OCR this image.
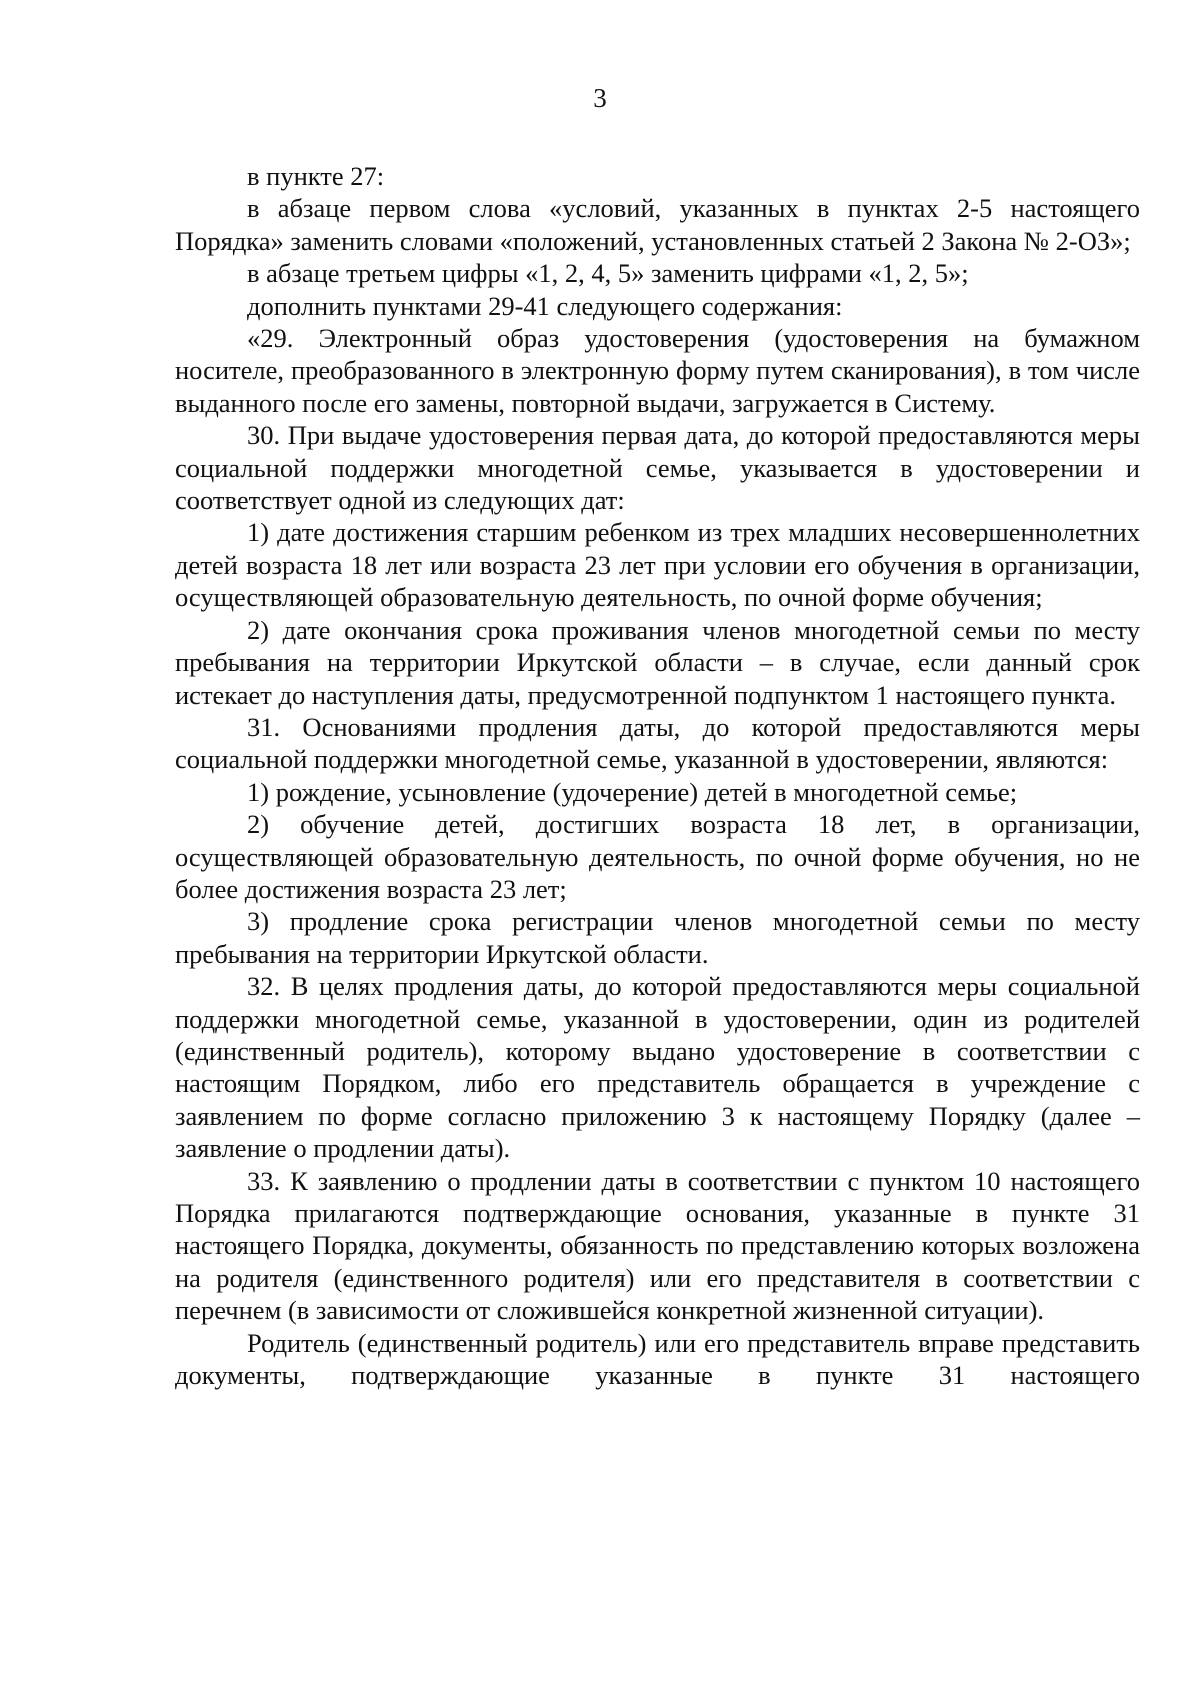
3

в пункте 27:

в абзаце первом слова «условий, указанных в пунктах 2-5 настоящего Порядка» заменить словами «положений, установленных статьей 2 Закона № 2-ОЗ»;

в абзаце третьем цифры «1, 2, 4, 5» заменить цифрами «1, 2, 5»;

дополнить пунктами 29-41 следующего содержания:

«29. Электронный образ удостоверения (удостоверения на бумажном носителе, преобразованного в электронную форму путем сканирования), в том числе выданного после его замены, повторной выдачи, загружается в Систему.

30. При выдаче удостоверения первая дата, до которой предоставляются меры социальной поддержки многодетной семье, указывается в удостоверении и соответствует одной из следующих дат:

1) дате достижения старшим ребенком из трех младших несовершеннолетних детей возраста 18 лет или возраста 23 лет при условии его обучения в организации, осуществляющей образовательную деятельность, по очной форме обучения;

2) дате окончания срока проживания членов многодетной семьи по месту пребывания на территории Иркутской области – в случае, если данный срок истекает до наступления даты, предусмотренной подпунктом 1 настоящего пункта.

31. Основаниями продления даты, до которой предоставляются меры социальной поддержки многодетной семье, указанной в удостоверении, являются:

1) рождение, усыновление (удочерение) детей в многодетной семье;

2) обучение детей, достигших возраста 18 лет, в организации, осуществляющей образовательную деятельность, по очной форме обучения, но не более достижения возраста 23 лет;

3) продление срока регистрации членов многодетной семьи по месту пребывания на территории Иркутской области.

32. В целях продления даты, до которой предоставляются меры социальной поддержки многодетной семье, указанной в удостоверении, один из родителей (единственный родитель), которому выдано удостоверение в соответствии с настоящим Порядком, либо его представитель обращается в учреждение с заявлением по форме согласно приложению 3 к настоящему Порядку (далее – заявление о продлении даты).

33. К заявлению о продлении даты в соответствии с пунктом 10 настоящего Порядка прилагаются подтверждающие основания, указанные в пункте 31 настоящего Порядка, документы, обязанность по представлению которых возложена на родителя (единственного родителя) или его представителя в соответствии с перечнем (в зависимости от сложившейся конкретной жизненной ситуации).

Родитель (единственный родитель) или его представитель вправе представить документы, подтверждающие указанные в пункте 31 настоящего
